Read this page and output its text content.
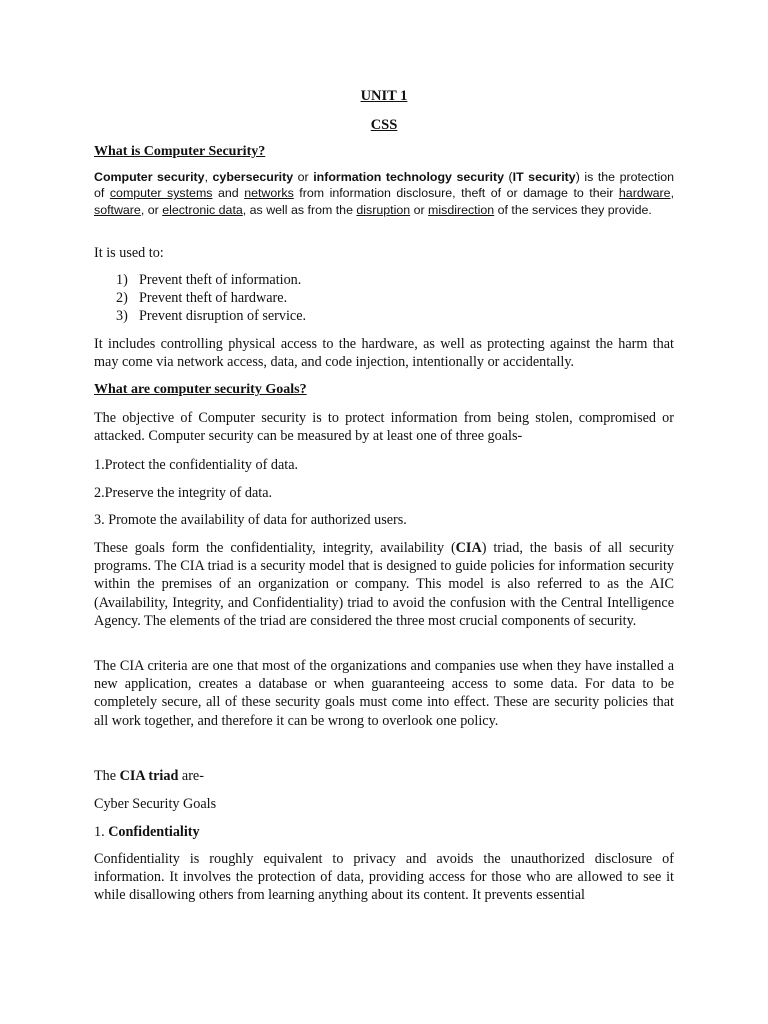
UNIT 1
CSS
What is Computer Security?

Computer security, cybersecurity or information technology security (IT security) is the protection of computer systems and networks from information disclosure, theft of or damage to their hardware, software, or electronic data, as well as from the disruption or misdirection of the services they provide.

It is used to:
1) Prevent theft of information.
2) Prevent theft of hardware.
3) Prevent disruption of service.

It includes controlling physical access to the hardware, as well as protecting against the harm that may come via network access, data, and code injection, intentionally or accidentally.

What are computer security Goals?

The objective of Computer security is to protect information from being stolen, compromised or attacked. Computer security can be measured by at least one of three goals-

1.Protect the confidentiality of data.
2.Preserve the integrity of data.
3. Promote the availability of data for authorized users.

These goals form the confidentiality, integrity, availability (CIA) triad, the basis of all security programs. The CIA triad is a security model that is designed to guide policies for information security within the premises of an organization or company. This model is also referred to as the AIC (Availability, Integrity, and Confidentiality) triad to avoid the confusion with the Central Intelligence Agency. The elements of the triad are considered the three most crucial components of security.

The CIA criteria are one that most of the organizations and companies use when they have installed a new application, creates a database or when guaranteeing access to some data. For data to be completely secure, all of these security goals must come into effect. These are security policies that all work together, and therefore it can be wrong to overlook one policy.

The CIA triad are-
Cyber Security Goals
1. Confidentiality

Confidentiality is roughly equivalent to privacy and avoids the unauthorized disclosure of information. It involves the protection of data, providing access for those who are allowed to see it while disallowing others from learning anything about its content. It prevents essential
